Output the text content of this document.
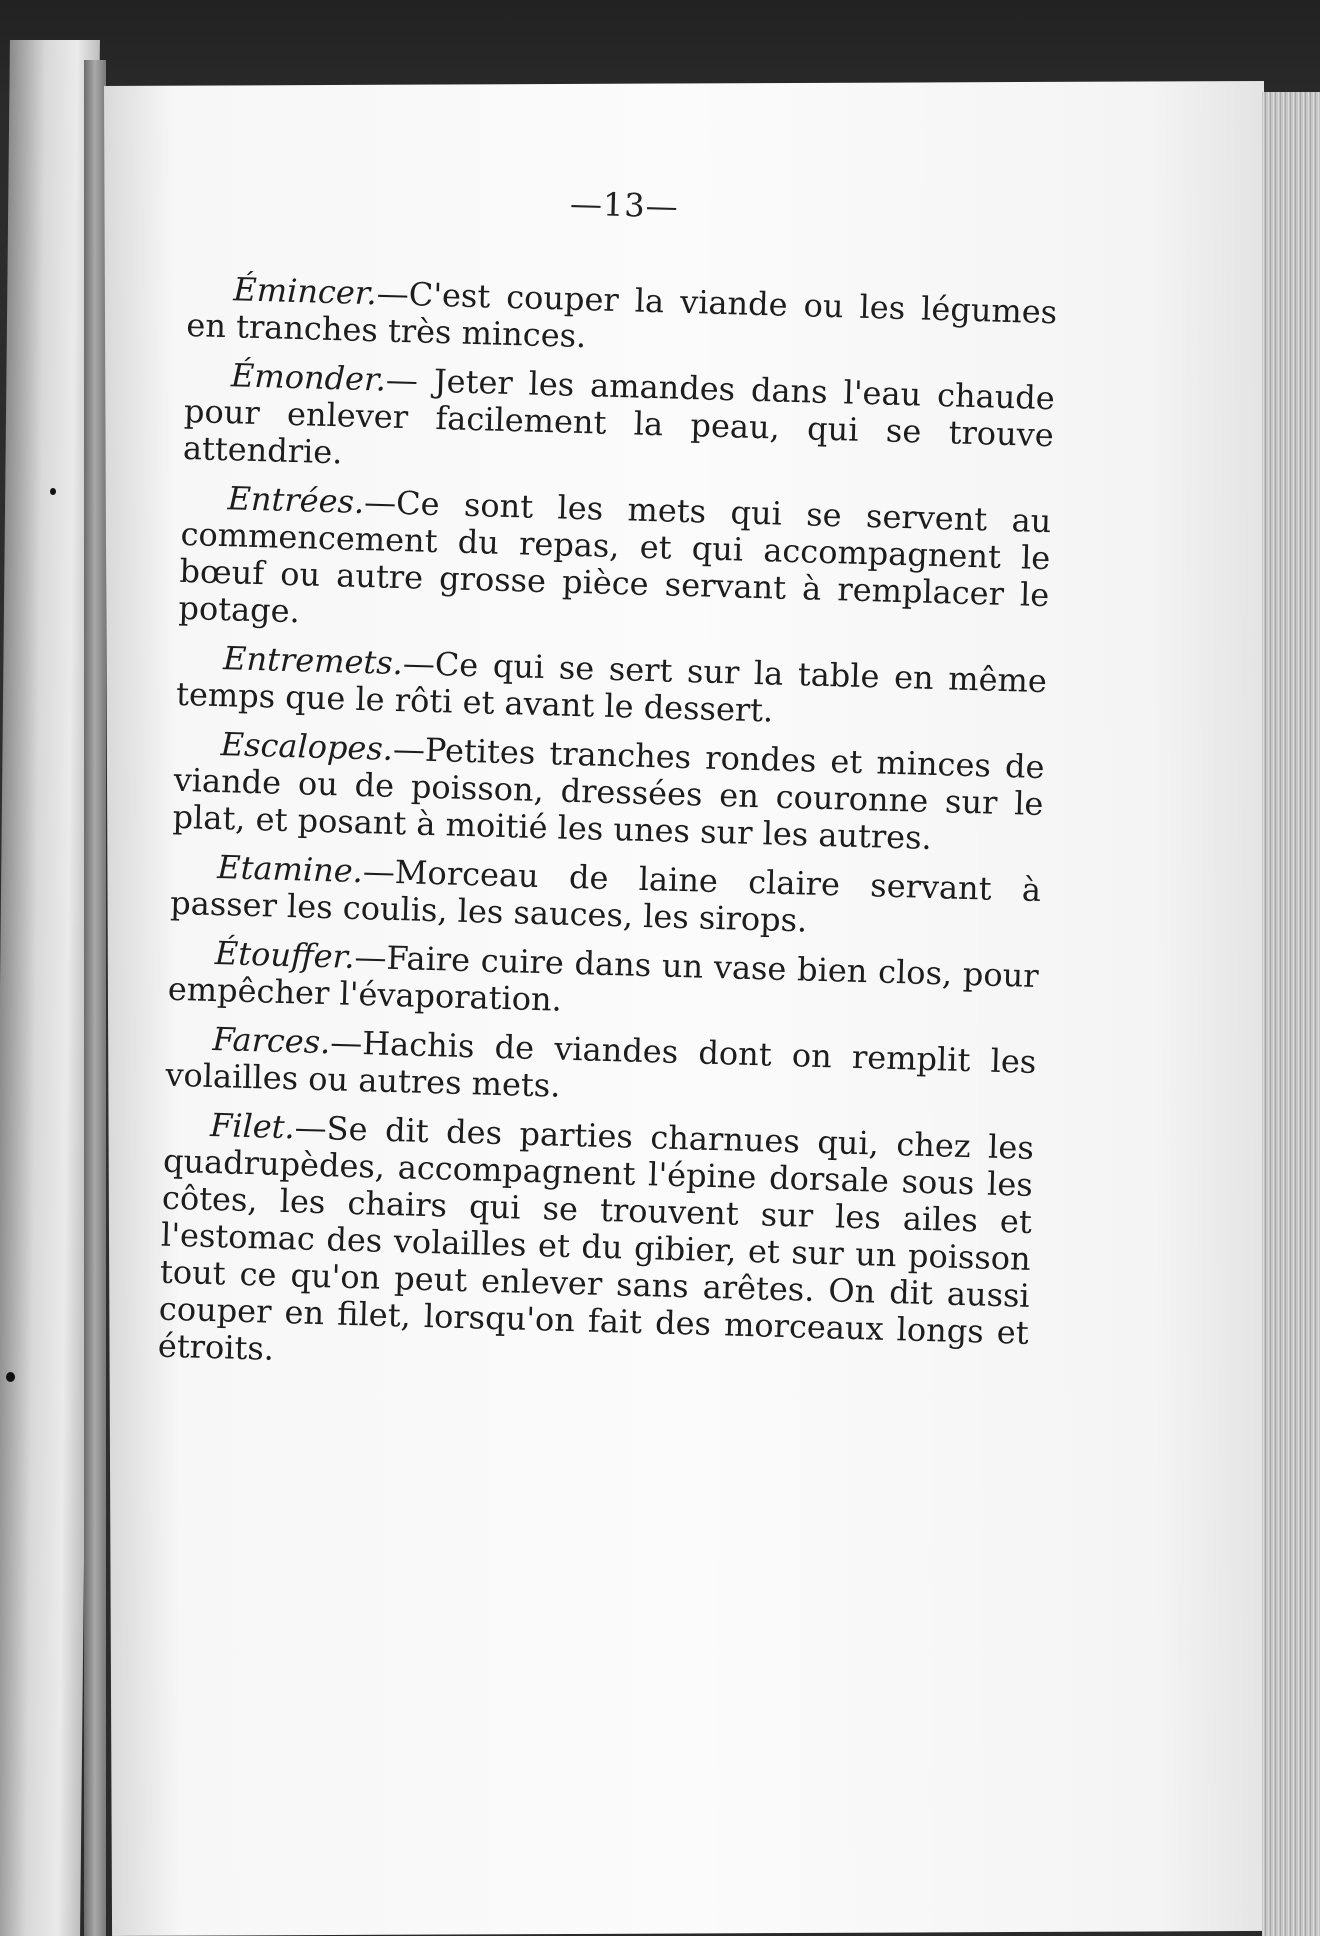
—13—

Émincer.—C'est couper la viande ou les légumes en tranches très minces.

Émonder.— Jeter les amandes dans l'eau chaude pour enlever facilement la peau, qui se trouve attendrie.

Entrées.—Ce sont les mets qui se servent au commencement du repas, et qui accompagnent le bœuf ou autre grosse pièce servant à remplacer le potage.

Entremets.—Ce qui se sert sur la table en même temps que le rôti et avant le dessert.

Escalopes.—Petites tranches rondes et minces de viande ou de poisson, dressées en couronne sur le plat, et posant à moitié les unes sur les autres.

Etamine.—Morceau de laine claire servant à passer les coulis, les sauces, les sirops.

Étouffer.—Faire cuire dans un vase bien clos, pour empêcher l'évaporation.

Farces.—Hachis de viandes dont on remplit les volailles ou autres mets.

Filet.—Se dit des parties charnues qui, chez les quadrupèdes, accompagnent l'épine dorsale sous les côtes, les chairs qui se trouvent sur les ailes et l'estomac des volailles et du gibier, et sur un poisson tout ce qu'on peut enlever sans arêtes. On dit aussi couper en filet, lorsqu'on fait des morceaux longs et étroits.
